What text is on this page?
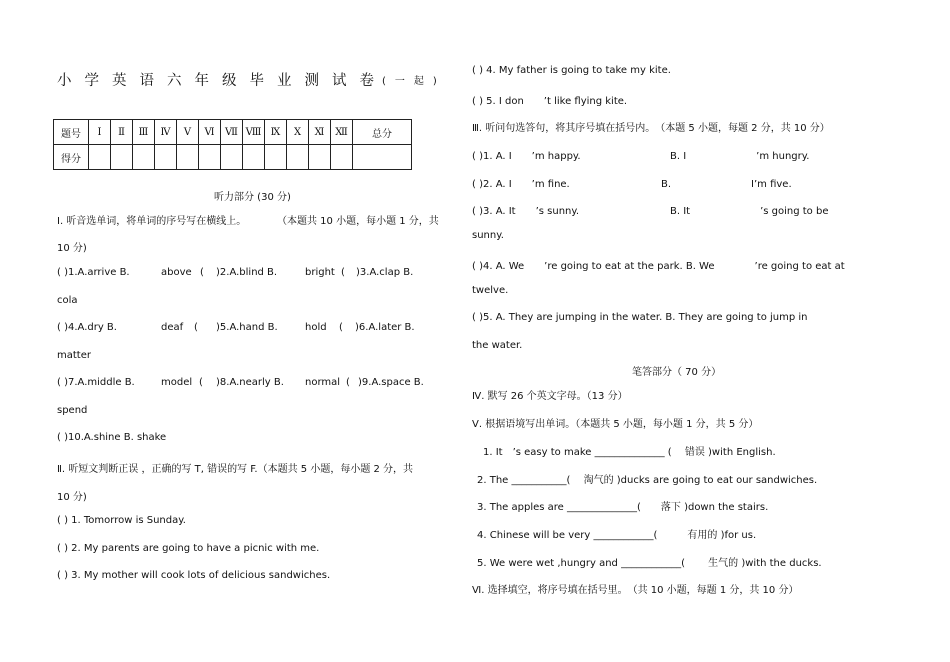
小学英语六年级毕业测试卷
(一起)
题号	Ⅰ	Ⅱ	Ⅲ	Ⅳ	Ⅴ	Ⅵ	Ⅶ	Ⅷ	Ⅸ	Ⅹ	Ⅺ	Ⅻ	总分
得分													
听力部分 (30 分)
Ⅰ. 听音选单词，将单词的序号写在横线上。	（本题共 10 小题，每小题 1 分，共
10 分)
( )1.A.arrive B.	above ( )2.A.blind B.	bright ( )3.A.clap B.
cola
( )4.A.dry B.	deaf ( )5.A.hand B.	hold ( )6.A.later B.
matter
( )7.A.middle B.	model ( )8.A.nearly B. normal ( )9.A.space B.
spend
( )10.A.shine B. shake
Ⅱ. 听短文判断正误 ，正确的写 T, 错误的写 F.（本题共 5 小题，每小题 2 分，共
10 分)
( ) 1. Tomorrow is Sunday.
( ) 2. My parents are going to have a picnic with me.
( ) 3. My mother will cook lots of delicious sandwiches.
( ) 4. My father is going to take my kite.
( ) 5. I don　　’t like flying kite.
Ⅲ. 听问句选答句，将其序号填在括号内。　（本题 5 小题，每题 2 分，共 10 分）
( )1. A. I　　’m happy.	B. I　　　　　　　’m hungry.
( )2. A. I　　’m fine.	B.　　　　　　　　I’m five.
( )3. A. It　　’s sunny.	B. It　　　　　　　’s going to be
sunny.
( )4. A. We　　’re going to eat at the park. B. We　　　　’re going to eat at
twelve.
( )5. A. They are jumping in the water. B. They are going to jump in
the water.
笔答部分（ 70 分）
Ⅳ. 默写 26 个英文字母。（13 分）
Ⅴ. 根据语境写出单词。（本题共 5 小题，每小题 1 分，共 5 分）
1. It　’s easy to make ______________ (　 错误 )with English.
2. The ___________(　 淘气的 )ducks are going to eat our sandwiches.
3. The apples are ______________(　　落下 )down the stairs.
4. Chinese will be very ____________(　　　有用的 )for us.
5. We were wet ,hungry and ____________(　　 生气的 )with the ducks.
Ⅵ. 选择填空，将序号填在括号里。　（共 10 小题，每题 1 分，共 10 分）
